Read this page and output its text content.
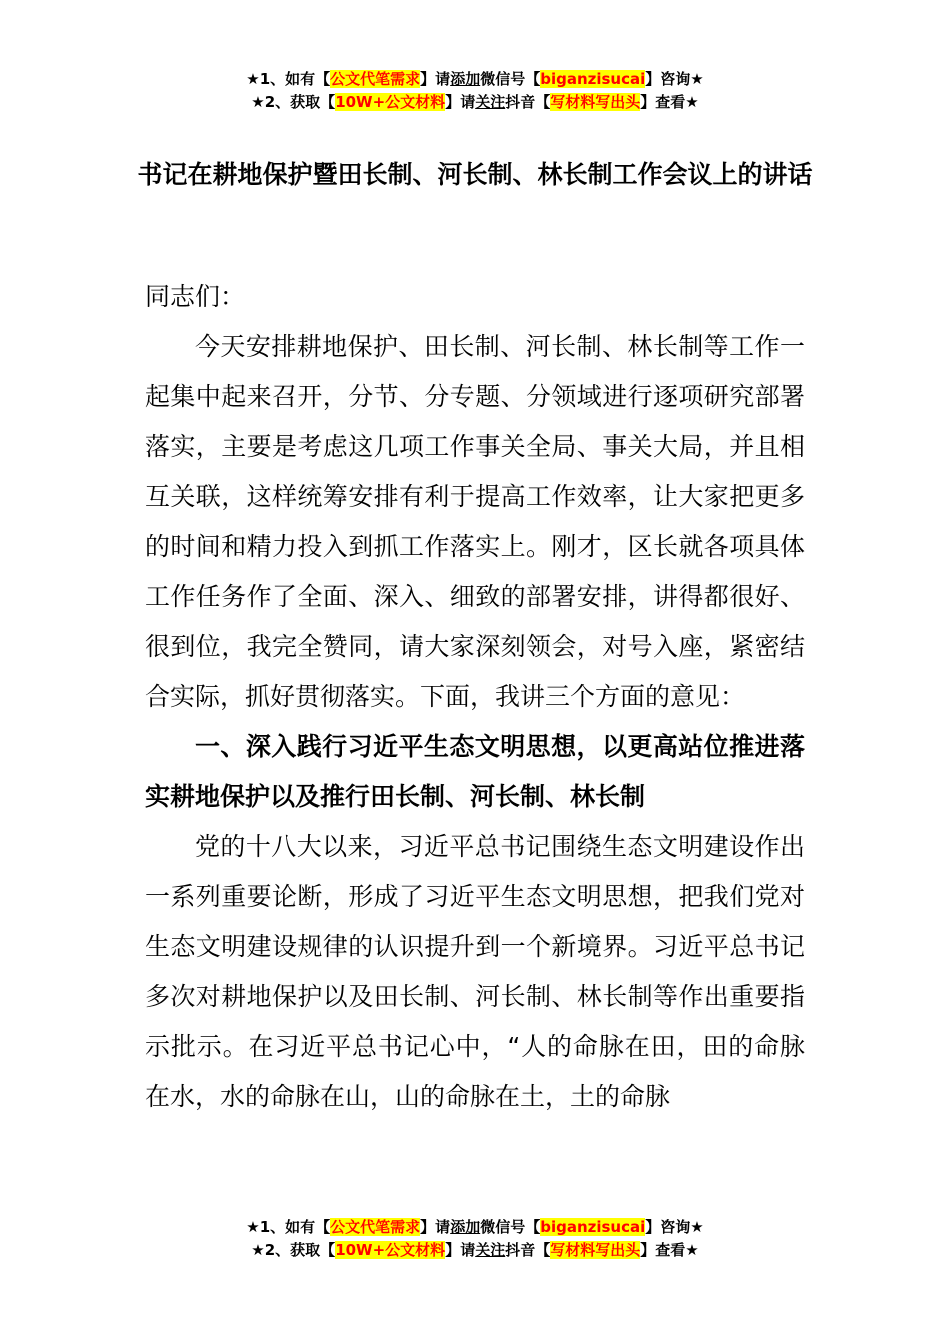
★1、如有【公文代笔需求】请添加微信号【biganzisucai】咨询★
★2、获取【10W+公文材料】请关注抖音【写材料写出头】查看★
书记在耕地保护暨田长制、河长制、林长制工作会议上的讲话

同志们：

今天安排耕地保护、田长制、河长制、林长制等工作一起集中起来召开，分节、分专题、分领域进行逐项研究部署落实，主要是考虑这几项工作事关全局、事关大局，并且相互关联，这样统筹安排有利于提高工作效率，让大家把更多的时间和精力投入到抓工作落实上。刚才，区长就各项具体工作任务作了全面、深入、细致的部署安排，讲得都很好、很到位，我完全赞同，请大家深刻领会，对号入座，紧密结合实际，抓好贯彻落实。下面，我讲三个方面的意见：

一、深入践行习近平生态文明思想，以更高站位推进落实耕地保护以及推行田长制、河长制、林长制

党的十八大以来，习近平总书记围绕生态文明建设作出一系列重要论断，形成了习近平生态文明思想，把我们党对生态文明建设规律的认识提升到一个新境界。习近平总书记多次对耕地保护以及田长制、河长制、林长制等作出重要指示批示。在习近平总书记心中，“人的命脉在田，田的命脉在水，水的命脉在山，山的命脉在土，土的命脉

★1、如有【公文代笔需求】请添加微信号【biganzisucai】咨询★
★2、获取【10W+公文材料】请关注抖音【写材料写出头】查看★
